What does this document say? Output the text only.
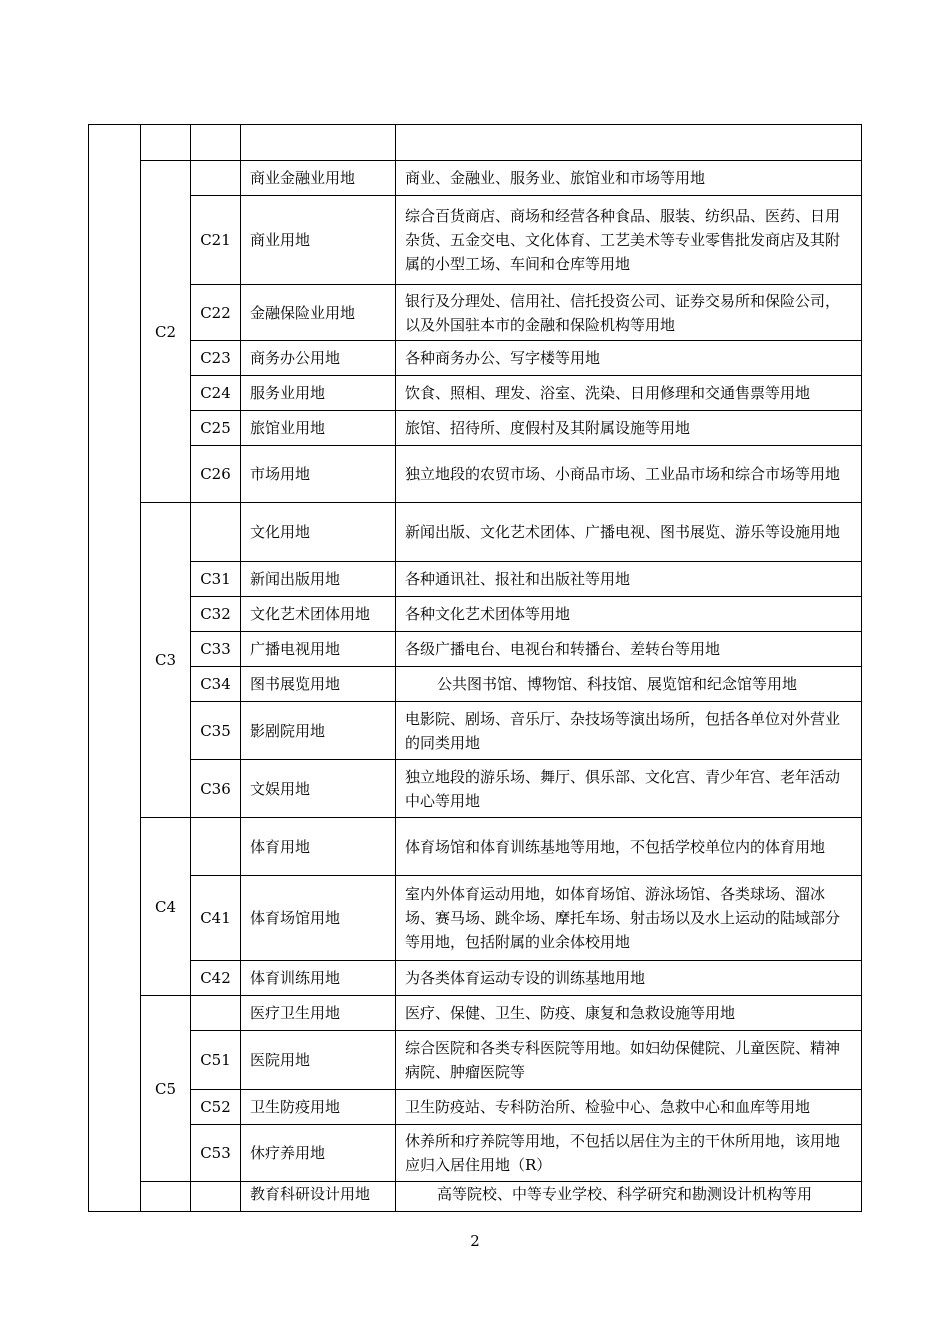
	C2		商业金融业用地	商业、金融业、服务业、旅馆业和市场等用地
		C21	商业用地	综合百货商店、商场和经营各种食品、服装、纺织品、医药、日用杂货、五金交电、文化体育、工艺美术等专业零售批发商店及其附属的小型工场、车间和仓库等用地
		C22	金融保险业用地	银行及分理处、信用社、信托投资公司、证券交易所和保险公司，以及外国驻本市的金融和保险机构等用地
		C23	商务办公用地	各种商务办公、写字楼等用地
		C24	服务业用地	饮食、照相、理发、浴室、洗染、日用修理和交通售票等用地
		C25	旅馆业用地	旅馆、招待所、度假村及其附属设施等用地
		C26	市场用地	独立地段的农贸市场、小商品市场、工业品市场和综合市场等用地
	C3		文化用地	新闻出版、文化艺术团体、广播电视、图书展览、游乐等设施用地
		C31	新闻出版用地	各种通讯社、报社和出版社等用地
		C32	文化艺术团体用地	各种文化艺术团体等用地
		C33	广播电视用地	各级广播电台、电视台和转播台、差转台等用地
		C34	图书展览用地	公共图书馆、博物馆、科技馆、展览馆和纪念馆等用地
		C35	影剧院用地	电影院、剧场、音乐厅、杂技场等演出场所，包括各单位对外营业的同类用地
		C36	文娱用地	独立地段的游乐场、舞厅、俱乐部、文化宫、青少年宫、老年活动中心等用地
	C4		体育用地	体育场馆和体育训练基地等用地，不包括学校单位内的体育用地
		C41	体育场馆用地	室内外体育运动用地，如体育场馆、游泳场馆、各类球场、溜冰场、赛马场、跳伞场、摩托车场、射击场以及水上运动的陆域部分等用地，包括附属的业余体校用地
		C42	体育训练用地	为各类体育运动专设的训练基地用地
	C5		医疗卫生用地	医疗、保健、卫生、防疫、康复和急救设施等用地
		C51	医院用地	综合医院和各类专科医院等用地。如妇幼保健院、儿童医院、精神病院、肿瘤医院等
		C52	卫生防疫用地	卫生防疫站、专科防治所、检验中心、急救中心和血库等用地
		C53	休疗养用地	休养所和疗养院等用地，不包括以居住为主的干休所用地，该用地应归入居住用地（R）
			教育科研设计用地	高等院校、中等专业学校、科学研究和勘测设计机构等用
2
